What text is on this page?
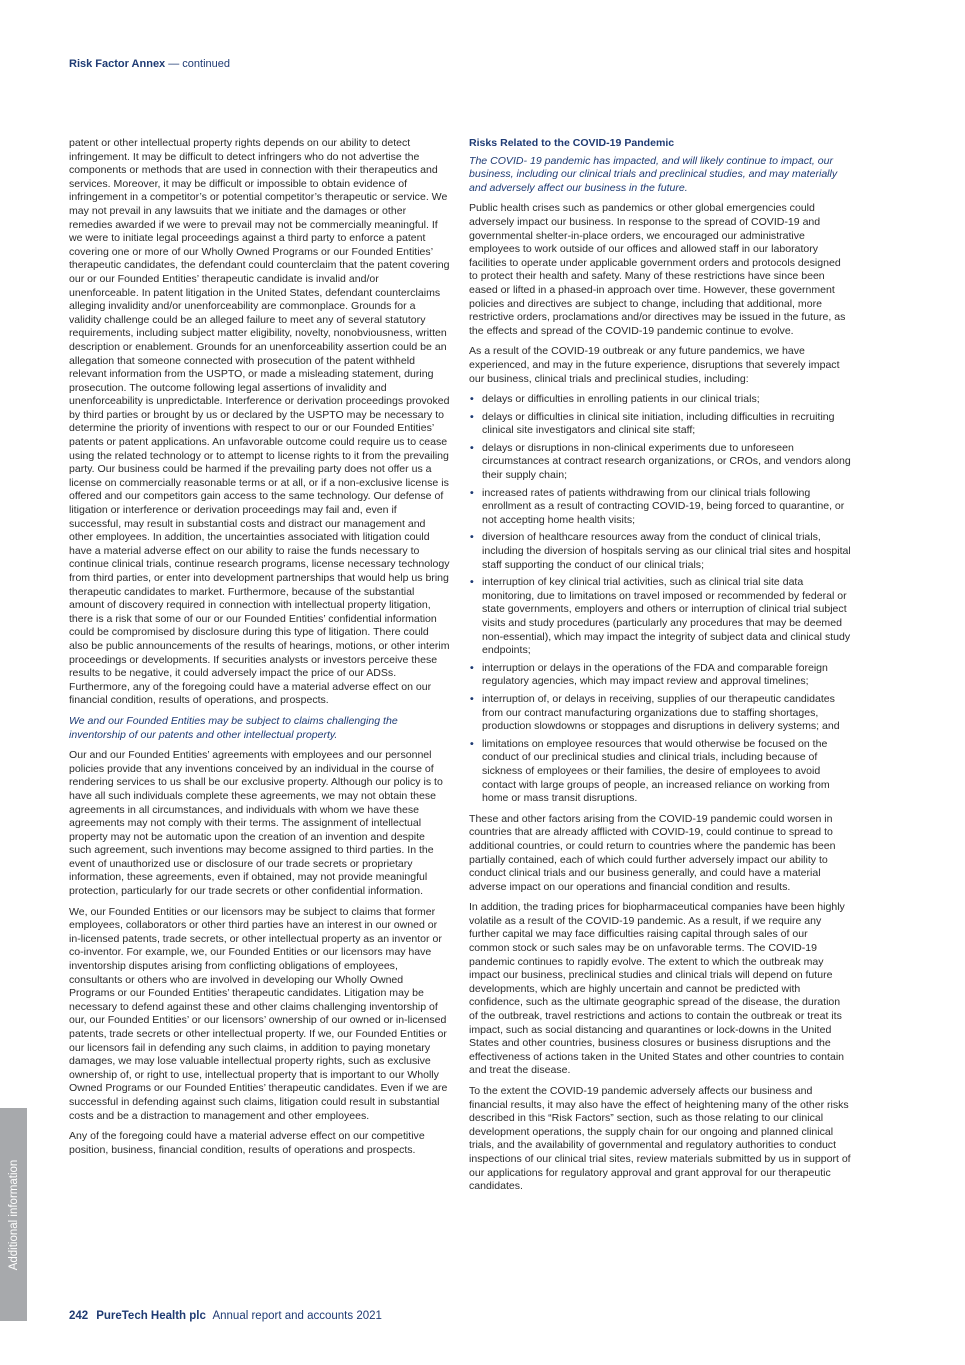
Risk Factor Annex — continued

patent or other intellectual property rights depends on our ability to detect infringement. It may be difficult to detect infringers who do not advertise the components or methods that are used in connection with their therapeutics and services. Moreover, it may be difficult or impossible to obtain evidence of infringement in a competitor’s or potential competitor’s therapeutic or service. We may not prevail in any lawsuits that we initiate and the damages or other remedies awarded if we were to prevail may not be commercially meaningful. If we were to initiate legal proceedings against a third party to enforce a patent covering one or more of our Wholly Owned Programs or our Founded Entities’ therapeutic candidates, the defendant could counterclaim that the patent covering our or our Founded Entities’ therapeutic candidate is invalid and/or unenforceable. In patent litigation in the United States, defendant counterclaims alleging invalidity and/or unenforceability are commonplace. Grounds for a validity challenge could be an alleged failure to meet any of several statutory requirements, including subject matter eligibility, novelty, nonobviousness, written description or enablement. Grounds for an unenforceability assertion could be an allegation that someone connected with prosecution of the patent withheld relevant information from the USPTO, or made a misleading statement, during prosecution. The outcome following legal assertions of invalidity and unenforceability is unpredictable. Interference or derivation proceedings provoked by third parties or brought by us or declared by the USPTO may be necessary to determine the priority of inventions with respect to our or our Founded Entities’ patents or patent applications. An unfavorable outcome could require us to cease using the related technology or to attempt to license rights to it from the prevailing party. Our business could be harmed if the prevailing party does not offer us a license on commercially reasonable terms or at all, or if a non-exclusive license is offered and our competitors gain access to the same technology. Our defense of litigation or interference or derivation proceedings may fail and, even if successful, may result in substantial costs and distract our management and other employees. In addition, the uncertainties associated with litigation could have a material adverse effect on our ability to raise the funds necessary to continue clinical trials, continue research programs, license necessary technology from third parties, or enter into development partnerships that would help us bring therapeutic candidates to market. Furthermore, because of the substantial amount of discovery required in connection with intellectual property litigation, there is a risk that some of our or our Founded Entities’ confidential information could be compromised by disclosure during this type of litigation. There could also be public announcements of the results of hearings, motions, or other interim proceedings or developments. If securities analysts or investors perceive these results to be negative, it could adversely impact the price of our ADSs. Furthermore, any of the foregoing could have a material adverse effect on our financial condition, results of operations, and prospects.

We and our Founded Entities may be subject to claims challenging the inventorship of our patents and other intellectual property.

Our and our Founded Entities’ agreements with employees and our personnel policies provide that any inventions conceived by an individual in the course of rendering services to us shall be our exclusive property. Although our policy is to have all such individuals complete these agreements, we may not obtain these agreements in all circumstances, and individuals with whom we have these agreements may not comply with their terms. The assignment of intellectual property may not be automatic upon the creation of an invention and despite such agreement, such inventions may become assigned to third parties. In the event of unauthorized use or disclosure of our trade secrets or proprietary information, these agreements, even if obtained, may not provide meaningful protection, particularly for our trade secrets or other confidential information.

We, our Founded Entities or our licensors may be subject to claims that former employees, collaborators or other third parties have an interest in our owned or in-licensed patents, trade secrets, or other intellectual property as an inventor or co-inventor. For example, we, our Founded Entities or our licensors may have inventorship disputes arising from conflicting obligations of employees, consultants or others who are involved in developing our Wholly Owned Programs or our Founded Entities’ therapeutic candidates. Litigation may be necessary to defend against these and other claims challenging inventorship of our, our Founded Entities’ or our licensors’ ownership of our owned or in-licensed patents, trade secrets or other intellectual property. If we, our Founded Entities or our licensors fail in defending any such claims, in addition to paying monetary damages, we may lose valuable intellectual property rights, such as exclusive ownership of, or right to use, intellectual property that is important to our Wholly Owned Programs or our Founded Entities’ therapeutic candidates. Even if we are successful in defending against such claims, litigation could result in substantial costs and be a distraction to management and other employees.

Any of the foregoing could have a material adverse effect on our competitive position, business, financial condition, results of operations and prospects.

Risks Related to the COVID-19 Pandemic

The COVID- 19 pandemic has impacted, and will likely continue to impact, our business, including our clinical trials and preclinical studies, and may materially and adversely affect our business in the future.

Public health crises such as pandemics or other global emergencies could adversely impact our business. In response to the spread of COVID-19 and governmental shelter-in-place orders, we encouraged our administrative employees to work outside of our offices and allowed staff in our laboratory facilities to operate under applicable government orders and protocols designed to protect their health and safety. Many of these restrictions have since been eased or lifted in a phased-in approach over time. However, these government policies and directives are subject to change, including that additional, more restrictive orders, proclamations and/or directives may be issued in the future, as the effects and spread of the COVID-19 pandemic continue to evolve.

As a result of the COVID-19 outbreak or any future pandemics, we have experienced, and may in the future experience, disruptions that severely impact our business, clinical trials and preclinical studies, including:

• delays or difficulties in enrolling patients in our clinical trials;
• delays or difficulties in clinical site initiation, including difficulties in recruiting clinical site investigators and clinical site staff;
• delays or disruptions in non-clinical experiments due to unforeseen circumstances at contract research organizations, or CROs, and vendors along their supply chain;
• increased rates of patients withdrawing from our clinical trials following enrollment as a result of contracting COVID-19, being forced to quarantine, or not accepting home health visits;
• diversion of healthcare resources away from the conduct of clinical trials, including the diversion of hospitals serving as our clinical trial sites and hospital staff supporting the conduct of our clinical trials;
• interruption of key clinical trial activities, such as clinical trial site data monitoring, due to limitations on travel imposed or recommended by federal or state governments, employers and others or interruption of clinical trial subject visits and study procedures (particularly any procedures that may be deemed non-essential), which may impact the integrity of subject data and clinical study endpoints;
• interruption or delays in the operations of the FDA and comparable foreign regulatory agencies, which may impact review and approval timelines;
• interruption of, or delays in receiving, supplies of our therapeutic candidates from our contract manufacturing organizations due to staffing shortages, production slowdowns or stoppages and disruptions in delivery systems; and
• limitations on employee resources that would otherwise be focused on the conduct of our preclinical studies and clinical trials, including because of sickness of employees or their families, the desire of employees to avoid contact with large groups of people, an increased reliance on working from home or mass transit disruptions.

These and other factors arising from the COVID-19 pandemic could worsen in countries that are already afflicted with COVID-19, could continue to spread to additional countries, or could return to countries where the pandemic has been partially contained, each of which could further adversely impact our ability to conduct clinical trials and our business generally, and could have a material adverse impact on our operations and financial condition and results.

In addition, the trading prices for biopharmaceutical companies have been highly volatile as a result of the COVID-19 pandemic. As a result, if we require any further capital we may face difficulties raising capital through sales of our common stock or such sales may be on unfavorable terms. The COVID-19 pandemic continues to rapidly evolve. The extent to which the outbreak may impact our business, preclinical studies and clinical trials will depend on future developments, which are highly uncertain and cannot be predicted with confidence, such as the ultimate geographic spread of the disease, the duration of the outbreak, travel restrictions and actions to contain the outbreak or treat its impact, such as social distancing and quarantines or lock-downs in the United States and other countries, business closures or business disruptions and the effectiveness of actions taken in the United States and other countries to contain and treat the disease.

To the extent the COVID-19 pandemic adversely affects our business and financial results, it may also have the effect of heightening many of the other risks described in this “Risk Factors” section, such as those relating to our clinical development operations, the supply chain for our ongoing and planned clinical trials, and the availability of governmental and regulatory authorities to conduct inspections of our clinical trial sites, review materials submitted by us in support of our applications for regulatory approval and grant approval for our therapeutic candidates.

Additional information
242 PureTech Health plc Annual report and accounts 2021
